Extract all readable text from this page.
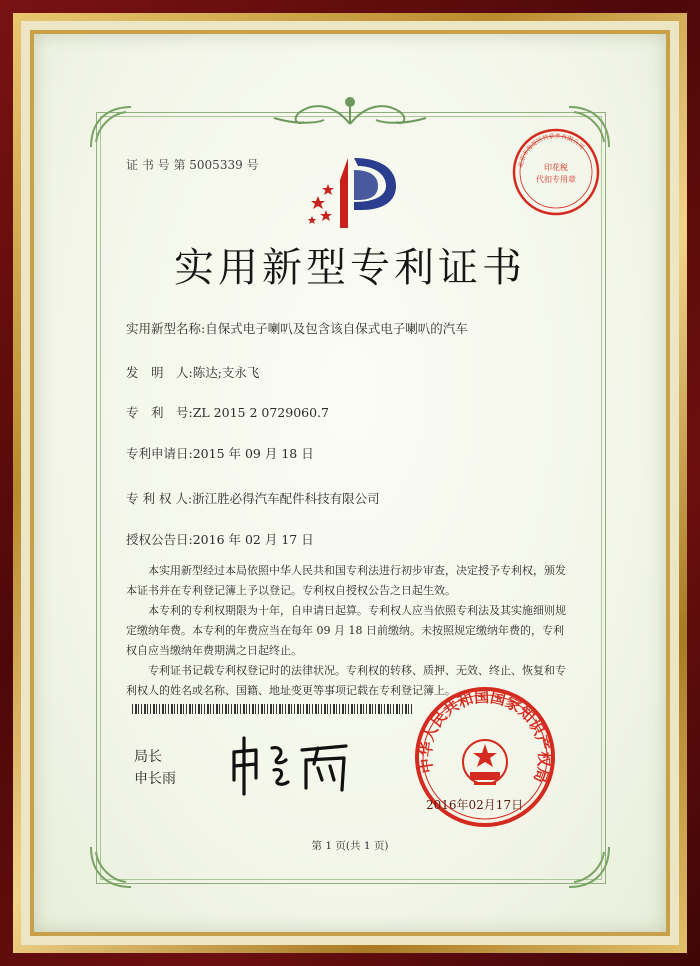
证 书 号 第 5005339 号	印花税
代扣专用章
北京市海淀区竹泉乡有限公司
实用新型专利证书
实用新型名称:自保式电子喇叭及包含该自保式电子喇叭的汽车
发　明　人:陈达;支永飞
专　利　号:ZL 2015 2 0729060.7
专利申请日:2015 年 09 月 18 日
专 利 权 人:浙江胜必得汽车配件科技有限公司
授权公告日:2016 年 02 月 17 日
本实用新型经过本局依照中华人民共和国专利法进行初步审查，决定授予专利权，颁发本证书并在专利登记簿上予以登记。专利权自授权公告之日起生效。
本专利的专利权期限为十年，自申请日起算。专利权人应当依照专利法及其实施细则规定缴纳年费。本专利的年费应当在每年 09 月 18 日前缴纳。未按照规定缴纳年费的，专利权自应当缴纳年费期满之日起终止。
专利证书记载专利权登记时的法律状况。专利权的转移、质押、无效、终止、恢复和专利权人的姓名或名称、国籍、地址变更等事项记载在专利登记簿上。
局长
申长雨
中华人民共和国国家知识产权局
2016年02月17日
第 1 页(共 1 页)
